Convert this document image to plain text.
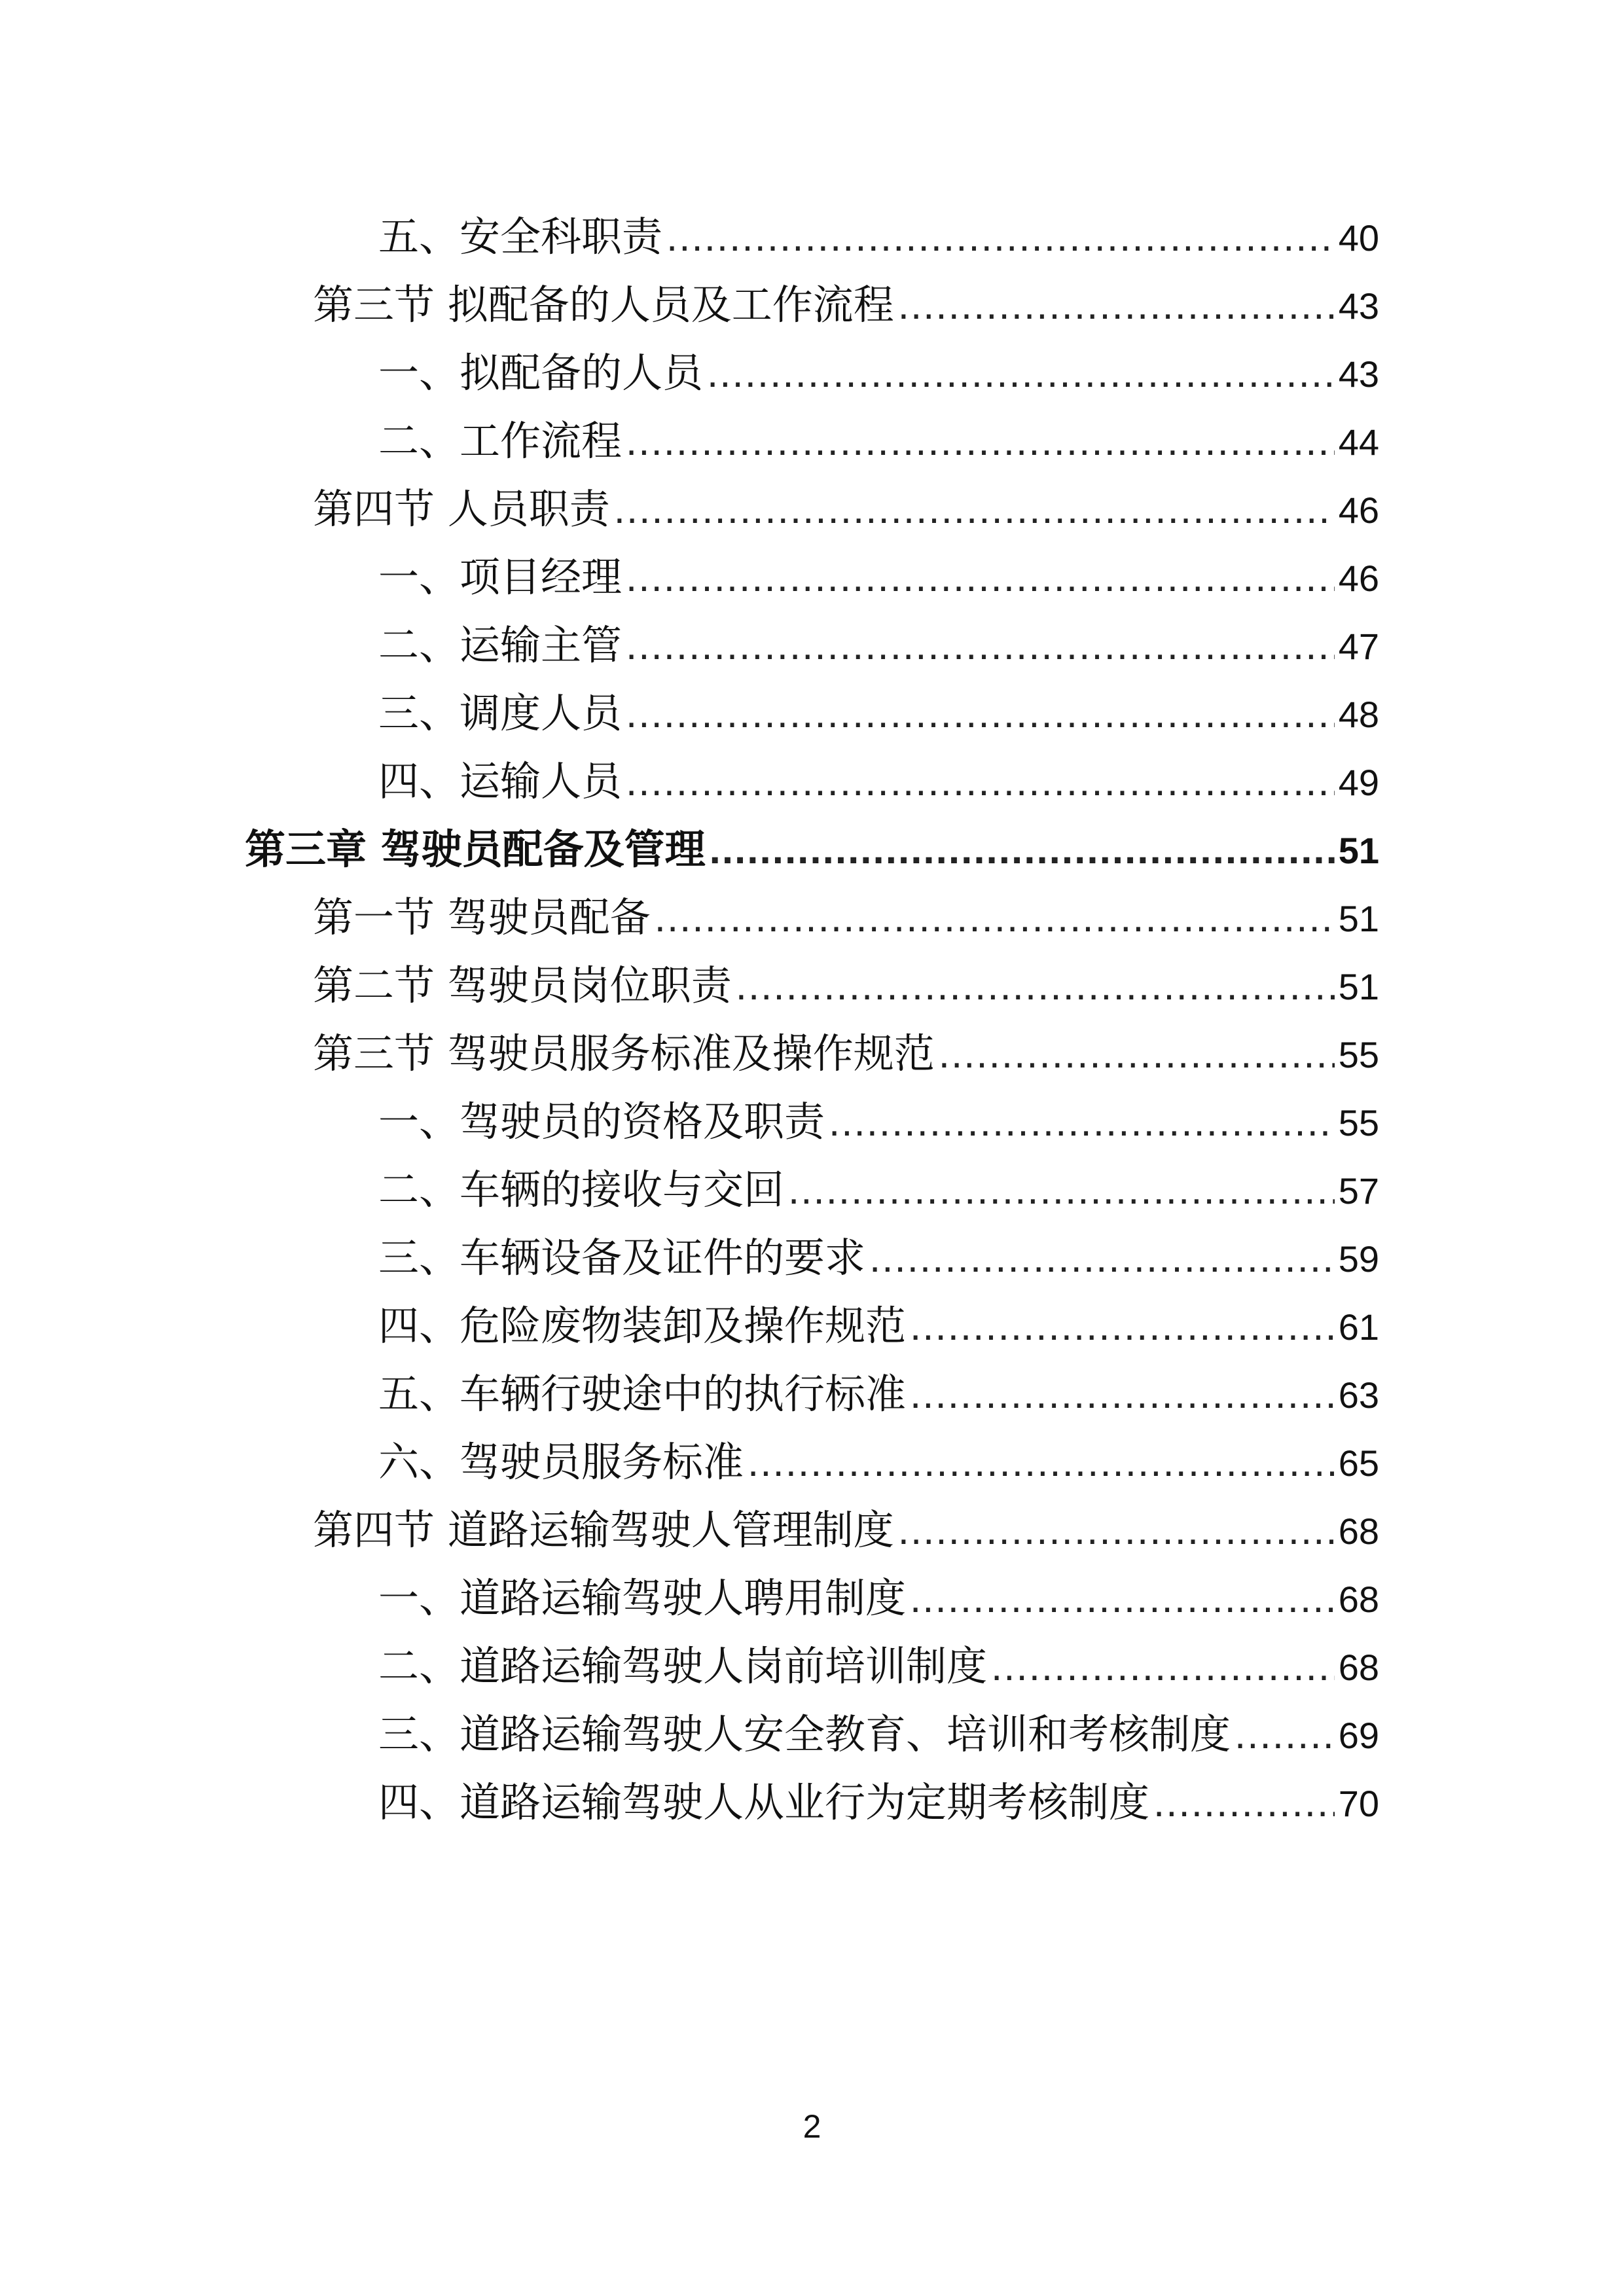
五、安全科职责 .....	40
第三节 拟配备的人员及工作流程 .....	43
一、拟配备的人员 .....	43
二、工作流程 .....	44
第四节 人员职责 .....	46
一、项目经理 .....	46
二、运输主管 .....	47
三、调度人员 .....	48
四、运输人员 .....	49
第三章 驾驶员配备及管理 .....	51
第一节 驾驶员配备 .....	51
第二节 驾驶员岗位职责 .....	51
第三节 驾驶员服务标准及操作规范 .....	55
一、驾驶员的资格及职责 .....	55
二、车辆的接收与交回 .....	57
三、车辆设备及证件的要求 .....	59
四、危险废物装卸及操作规范 .....	61
五、车辆行驶途中的执行标准 .....	63
六、驾驶员服务标准 .....	65
第四节 道路运输驾驶人管理制度 .....	68
一、道路运输驾驶人聘用制度 .....	68
二、道路运输驾驶人岗前培训制度 .....	68
三、道路运输驾驶人安全教育、培训和考核制度 .....	69
四、道路运输驾驶人从业行为定期考核制度 .....	70
2
